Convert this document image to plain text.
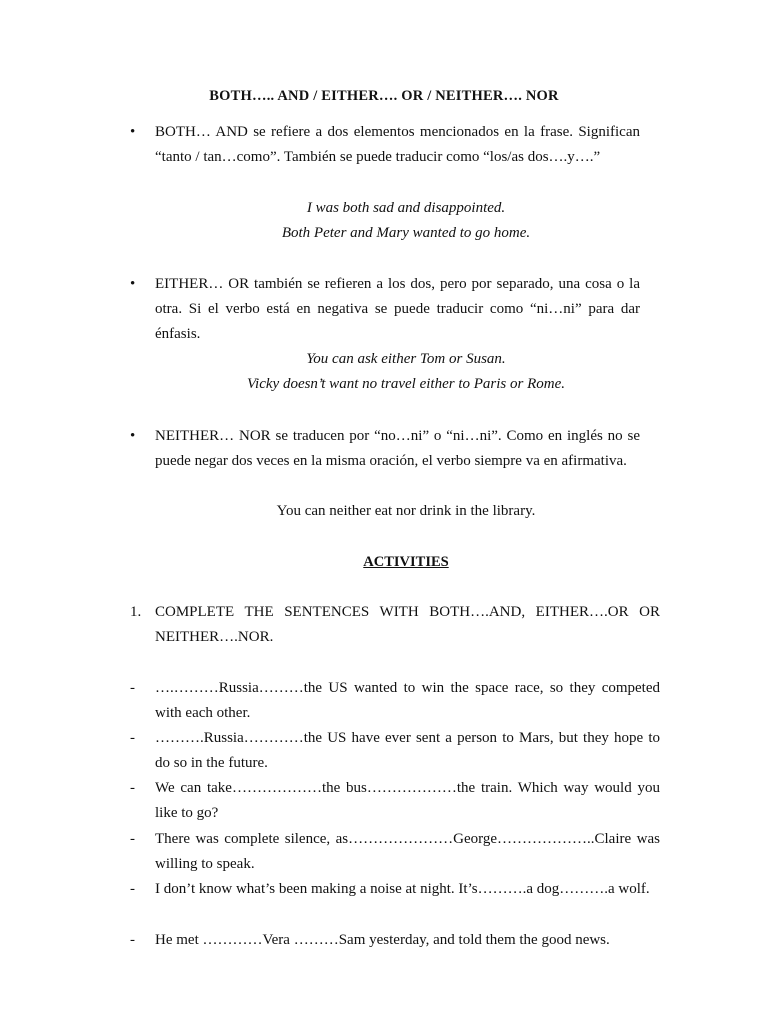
BOTH….. AND / EITHER…. OR / NEITHER…. NOR
•	BOTH… AND se refiere a dos elementos mencionados en la frase. Significan “tanto / tan…como”. También se puede traducir como “los/as dos….y….”
I was both sad and disappointed.
Both Peter and Mary wanted to go home.
•	EITHER… OR también se refieren a los dos, pero por separado, una cosa o la otra. Si el verbo está en negativa se puede traducir como “ni…ni” para dar énfasis.
You can ask either Tom or Susan.
Vicky doesn’t want no travel either to Paris or Rome.
•	NEITHER… NOR se traducen por “no…ni” o “ni…ni”. Como en inglés no se puede negar dos veces en la misma oración, el verbo siempre va en afirmativa.
You can neither eat nor drink in the library.
ACTIVITIES
1. COMPLETE THE SENTENCES WITH BOTH….AND, EITHER….OR OR NEITHER….NOR.
- ….………Russia………the US wanted to win the space race, so they competed with each other.
- ……….Russia…………the US have ever sent a person to Mars, but they hope to do so in the future.
- We can take………………the bus………………the train. Which way would you like to go?
- There was complete silence, as…………………George………………..Claire was willing to speak.
- I don’t know what’s been making a noise at night. It’s……….a dog……….a wolf.
- He met …………Vera ………Sam yesterday, and told them the good news.
